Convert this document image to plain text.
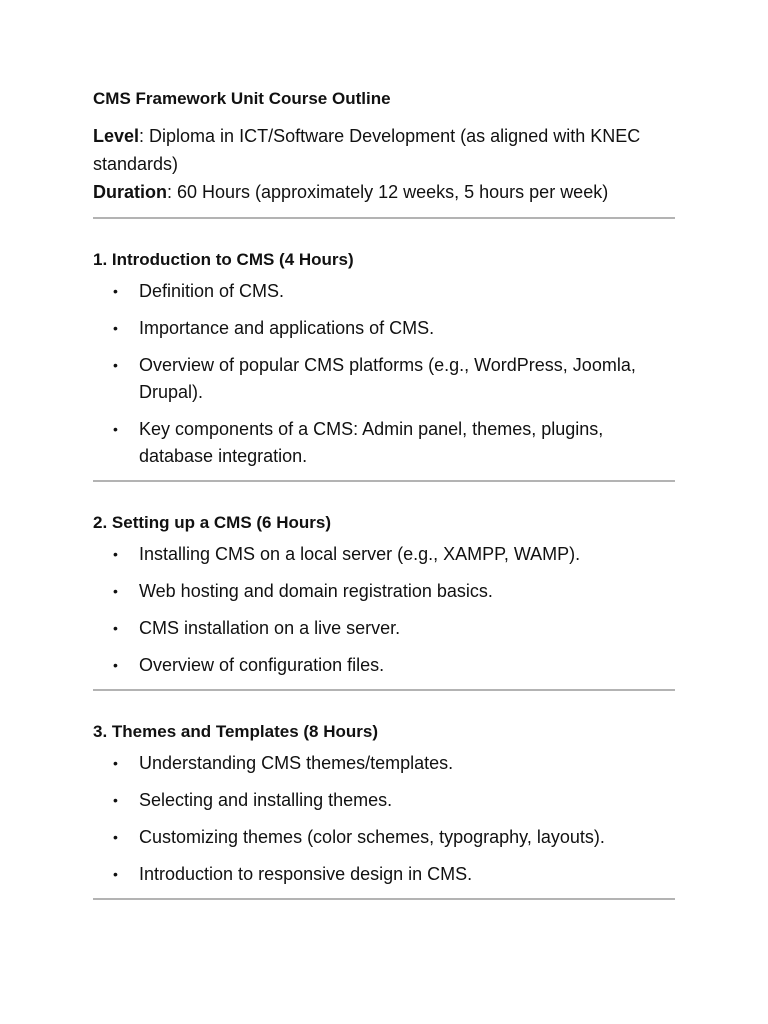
CMS Framework Unit Course Outline

Level: Diploma in ICT/Software Development (as aligned with KNEC standards)

Duration: 60 Hours (approximately 12 weeks, 5 hours per week)

1. Introduction to CMS (4 Hours)
• Definition of CMS.
• Importance and applications of CMS.
• Overview of popular CMS platforms (e.g., WordPress, Joomla, Drupal).
• Key components of a CMS: Admin panel, themes, plugins, database integration.
2. Setting up a CMS (6 Hours)
• Installing CMS on a local server (e.g., XAMPP, WAMP).
• Web hosting and domain registration basics.
• CMS installation on a live server.
• Overview of configuration files.
3. Themes and Templates (8 Hours)
• Understanding CMS themes/templates.
• Selecting and installing themes.
• Customizing themes (color schemes, typography, layouts).
• Introduction to responsive design in CMS.
